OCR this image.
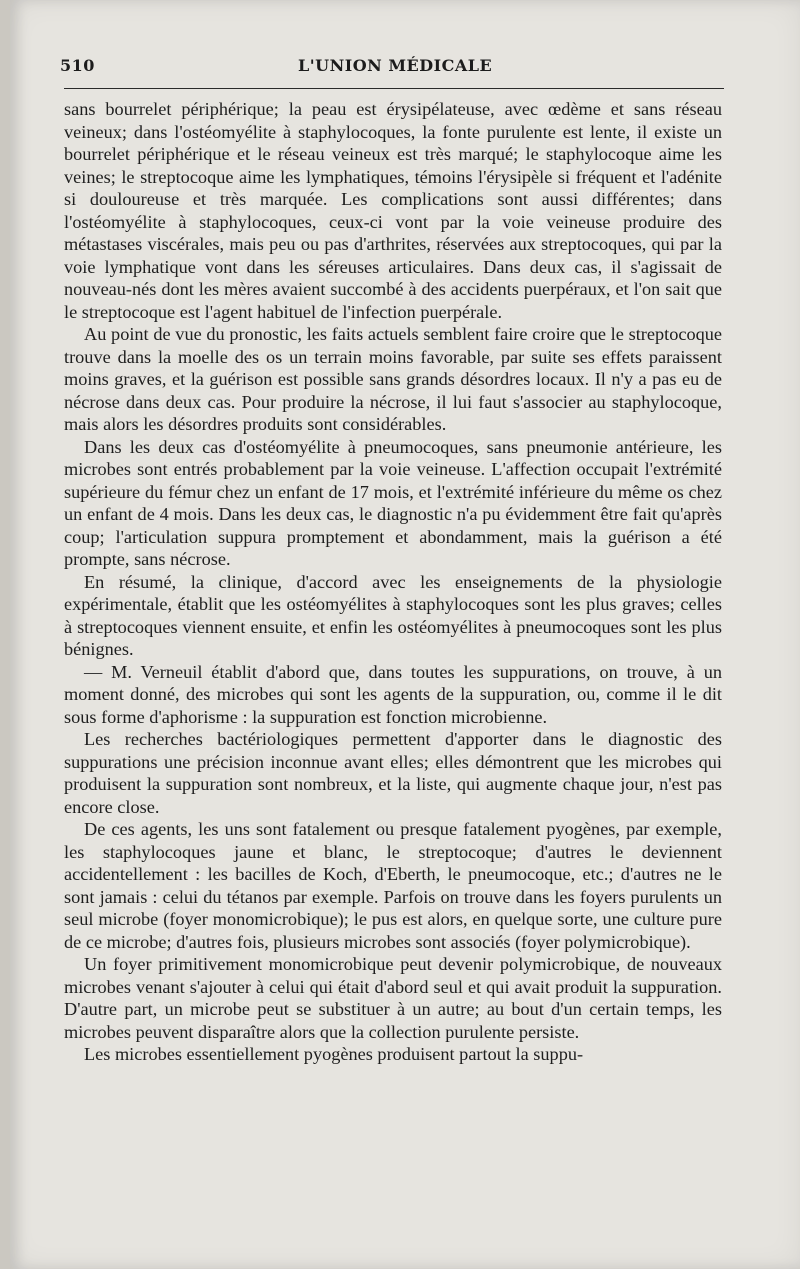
510	L'UNION MÉDICALE

sans bourrelet périphérique; la peau est érysipélateuse, avec œdème et sans réseau veineux; dans l'ostéomyélite à staphylocoques, la fonte purulente est lente, il existe un bourrelet périphérique et le réseau veineux est très marqué; le staphylocoque aime les veines; le streptocoque aime les lymphatiques, témoins l'érysipèle si fréquent et l'adénite si douloureuse et très marquée. Les complications sont aussi différentes; dans l'ostéomyélite à staphylocoques, ceux-ci vont par la voie veineuse produire des métastases viscérales, mais peu ou pas d'arthrites, réservées aux streptocoques, qui par la voie lymphatique vont dans les séreuses articulaires. Dans deux cas, il s'agissait de nouveau-nés dont les mères avaient succombé à des accidents puerpéraux, et l'on sait que le streptocoque est l'agent habituel de l'infection puerpérale.

Au point de vue du pronostic, les faits actuels semblent faire croire que le streptocoque trouve dans la moelle des os un terrain moins favorable, par suite ses effets paraissent moins graves, et la guérison est possible sans grands désordres locaux. Il n'y a pas eu de nécrose dans deux cas. Pour produire la nécrose, il lui faut s'associer au staphylocoque, mais alors les désordres produits sont considérables.

Dans les deux cas d'ostéomyélite à pneumocoques, sans pneumonie antérieure, les microbes sont entrés probablement par la voie veineuse. L'affection occupait l'extrémité supérieure du fémur chez un enfant de 17 mois, et l'extrémité inférieure du même os chez un enfant de 4 mois. Dans les deux cas, le diagnostic n'a pu évidemment être fait qu'après coup; l'articulation suppura promptement et abondamment, mais la guérison a été prompte, sans nécrose.

En résumé, la clinique, d'accord avec les enseignements de la physiologie expérimentale, établit que les ostéomyélites à staphylocoques sont les plus graves; celles à streptocoques viennent ensuite, et enfin les ostéomyélites à pneumocoques sont les plus bénignes.

— M. Verneuil établit d'abord que, dans toutes les suppurations, on trouve, à un moment donné, des microbes qui sont les agents de la suppuration, ou, comme il le dit sous forme d'aphorisme : la suppuration est fonction microbienne.

Les recherches bactériologiques permettent d'apporter dans le diagnostic des suppurations une précision inconnue avant elles; elles démontrent que les microbes qui produisent la suppuration sont nombreux, et la liste, qui augmente chaque jour, n'est pas encore close.

De ces agents, les uns sont fatalement ou presque fatalement pyogènes, par exemple, les staphylocoques jaune et blanc, le streptocoque; d'autres le deviennent accidentellement : les bacilles de Koch, d'Eberth, le pneumocoque, etc.; d'autres ne le sont jamais : celui du tétanos par exemple. Parfois on trouve dans les foyers purulents un seul microbe (foyer monomicrobique); le pus est alors, en quelque sorte, une culture pure de ce microbe; d'autres fois, plusieurs microbes sont associés (foyer polymicrobique).

Un foyer primitivement monomicrobique peut devenir polymicrobique, de nouveaux microbes venant s'ajouter à celui qui était d'abord seul et qui avait produit la suppuration. D'autre part, un microbe peut se substituer à un autre; au bout d'un certain temps, les microbes peuvent disparaître alors que la collection purulente persiste.

Les microbes essentiellement pyogènes produisent partout la suppu-
